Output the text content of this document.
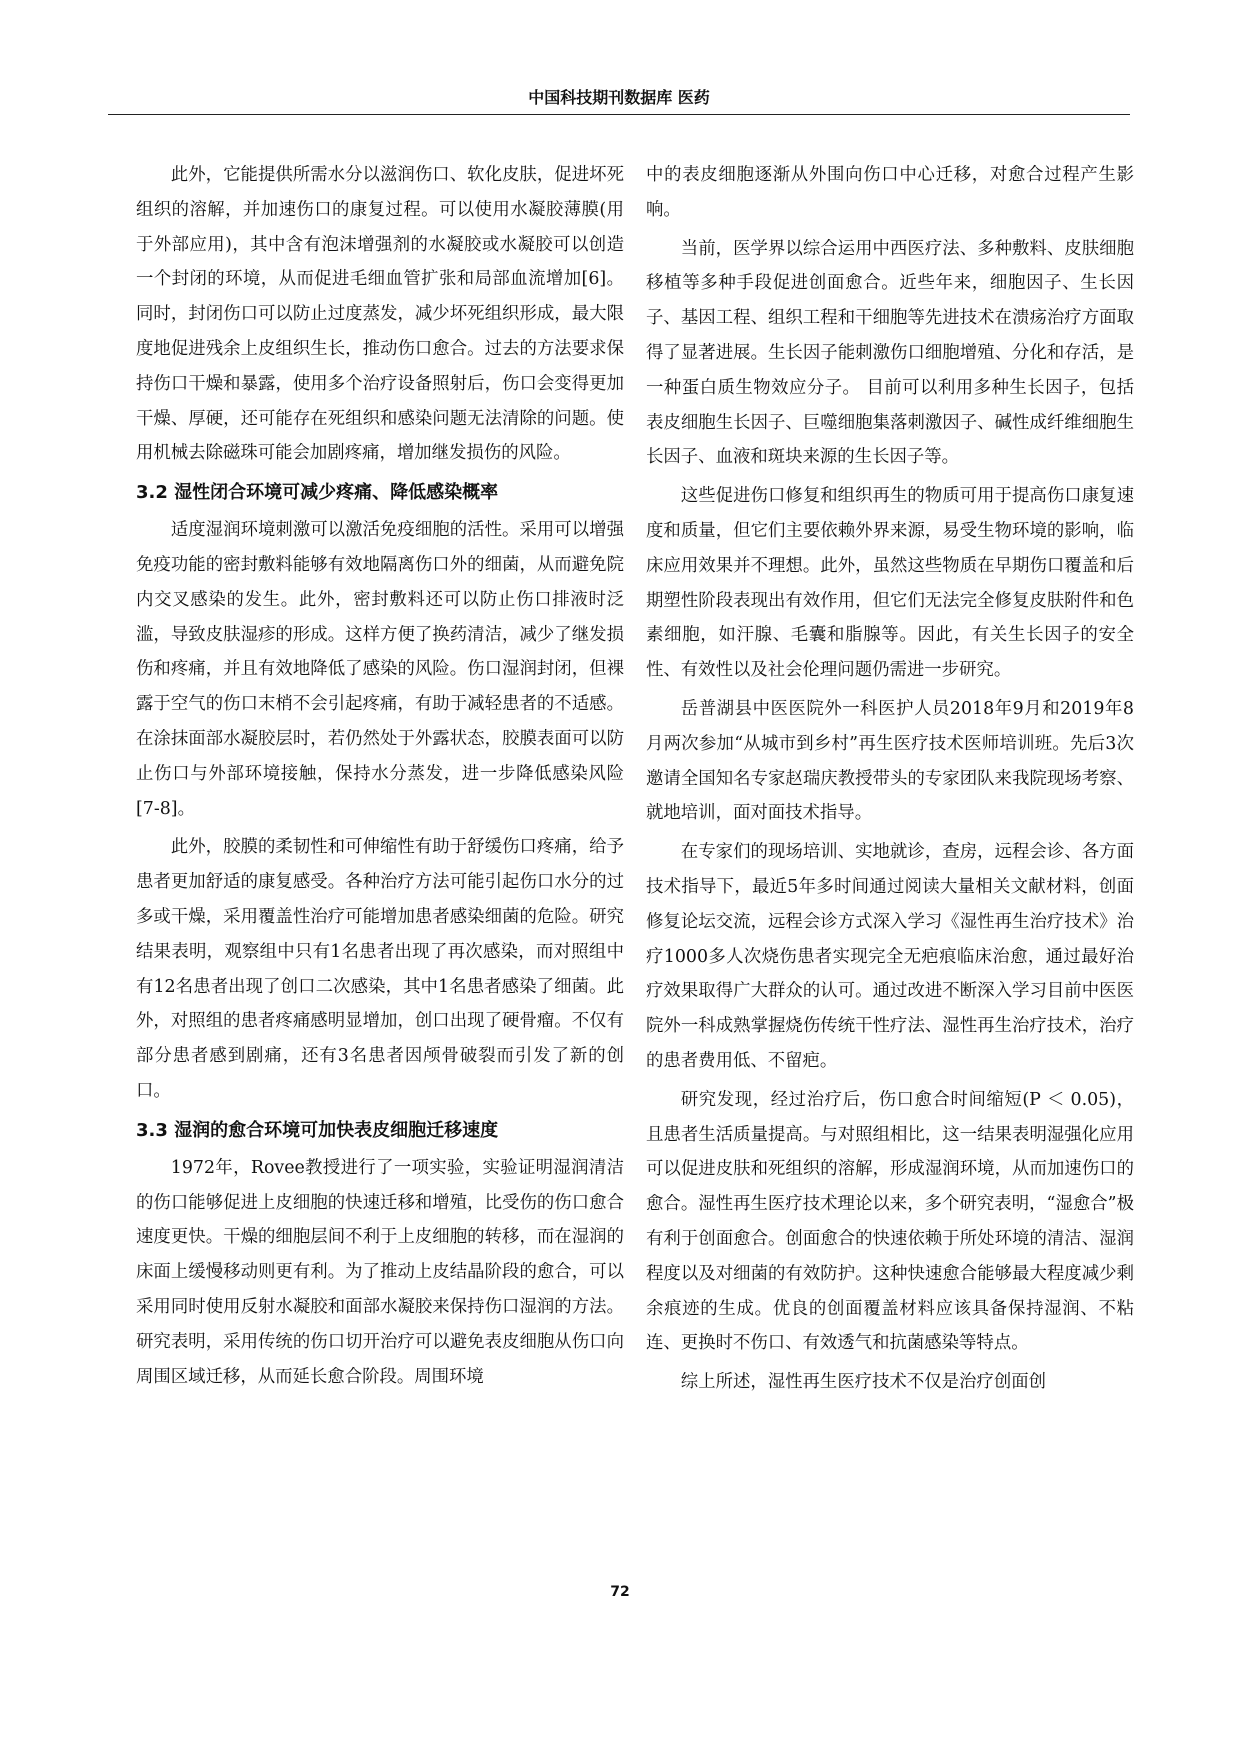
中国科技期刊数据库 医药

此外，它能提供所需水分以滋润伤口、软化皮肤，促进坏死组织的溶解，并加速伤口的康复过程。可以使用水凝胶薄膜(用于外部应用)，其中含有泡沫增强剂的水凝胶或水凝胶可以创造一个封闭的环境，从而促进毛细血管扩张和局部血流增加[6]。同时，封闭伤口可以防止过度蒸发，减少坏死组织形成，最大限度地促进残余上皮组织生长，推动伤口愈合。过去的方法要求保持伤口干燥和暴露，使用多个治疗设备照射后，伤口会变得更加干燥、厚硬，还可能存在死组织和感染问题无法清除的问题。使用机械去除磁珠可能会加剧疼痛，增加继发损伤的风险。

3.2 湿性闭合环境可减少疼痛、降低感染概率

适度湿润环境刺激可以激活免疫细胞的活性。采用可以增强免疫功能的密封敷料能够有效地隔离伤口外的细菌，从而避免院内交叉感染的发生。此外，密封敷料还可以防止伤口排液时泛滥，导致皮肤湿疹的形成。这样方便了换药清洁，减少了继发损伤和疼痛，并且有效地降低了感染的风险。伤口湿润封闭，但裸露于空气的伤口末梢不会引起疼痛，有助于减轻患者的不适感。在涂抹面部水凝胶层时，若仍然处于外露状态，胶膜表面可以防止伤口与外部环境接触，保持水分蒸发，进一步降低感染风险[7-8]。

此外，胶膜的柔韧性和可伸缩性有助于舒缓伤口疼痛，给予患者更加舒适的康复感受。各种治疗方法可能引起伤口水分的过多或干燥，采用覆盖性治疗可能增加患者感染细菌的危险。研究结果表明，观察组中只有1名患者出现了再次感染，而对照组中有12名患者出现了创口二次感染，其中1名患者感染了细菌。此外，对照组的患者疼痛感明显增加，创口出现了硬骨瘤。不仅有部分患者感到剧痛，还有3名患者因颅骨破裂而引发了新的创口。

3.3 湿润的愈合环境可加快表皮细胞迁移速度

1972年，Rovee教授进行了一项实验，实验证明湿润清洁的伤口能够促进上皮细胞的快速迁移和增殖，比受伤的伤口愈合速度更快。干燥的细胞层间不利于上皮细胞的转移，而在湿润的床面上缓慢移动则更有利。为了推动上皮结晶阶段的愈合，可以采用同时使用反射水凝胶和面部水凝胶来保持伤口湿润的方法。研究表明，采用传统的伤口切开治疗可以避免表皮细胞从伤口向周围区域迁移，从而延长愈合阶段。周围环境

中的表皮细胞逐渐从外围向伤口中心迁移，对愈合过程产生影响。

当前，医学界以综合运用中西医疗法、多种敷料、皮肤细胞移植等多种手段促进创面愈合。近些年来，细胞因子、生长因子、基因工程、组织工程和干细胞等先进技术在溃疡治疗方面取得了显著进展。生长因子能刺激伤口细胞增殖、分化和存活，是一种蛋白质生物效应分子。 目前可以利用多种生长因子，包括表皮细胞生长因子、巨噬细胞集落刺激因子、碱性成纤维细胞生长因子、血液和斑块来源的生长因子等。

这些促进伤口修复和组织再生的物质可用于提高伤口康复速度和质量，但它们主要依赖外界来源，易受生物环境的影响，临床应用效果并不理想。此外，虽然这些物质在早期伤口覆盖和后期塑性阶段表现出有效作用，但它们无法完全修复皮肤附件和色素细胞，如汗腺、毛囊和脂腺等。因此，有关生长因子的安全性、有效性以及社会伦理问题仍需进一步研究。

岳普湖县中医医院外一科医护人员2018年9月和2019年8月两次参加“从城市到乡村”再生医疗技术医师培训班。先后3次邀请全国知名专家赵瑞庆教授带头的专家团队来我院现场考察、就地培训，面对面技术指导。

在专家们的现场培训、实地就诊，查房，远程会诊、各方面技术指导下，最近5年多时间通过阅读大量相关文献材料，创面修复论坛交流，远程会诊方式深入学习《湿性再生治疗技术》治疗1000多人次烧伤患者实现完全无疤痕临床治愈，通过最好治疗效果取得广大群众的认可。通过改进不断深入学习目前中医医院外一科成熟掌握烧伤传统干性疗法、湿性再生治疗技术，治疗的患者费用低、不留疤。

研究发现，经过治疗后，伤口愈合时间缩短(P ＜ 0.05)，且患者生活质量提高。与对照组相比，这一结果表明湿强化应用可以促进皮肤和死组织的溶解，形成湿润环境，从而加速伤口的愈合。湿性再生医疗技术理论以来，多个研究表明，“湿愈合”极有利于创面愈合。创面愈合的快速依赖于所处环境的清洁、湿润程度以及对细菌的有效防护。这种快速愈合能够最大程度减少剩余痕迹的生成。优良的创面覆盖材料应该具备保持湿润、不粘连、更换时不伤口、有效透气和抗菌感染等特点。

综上所述，湿性再生医疗技术不仅是治疗创面创

72
